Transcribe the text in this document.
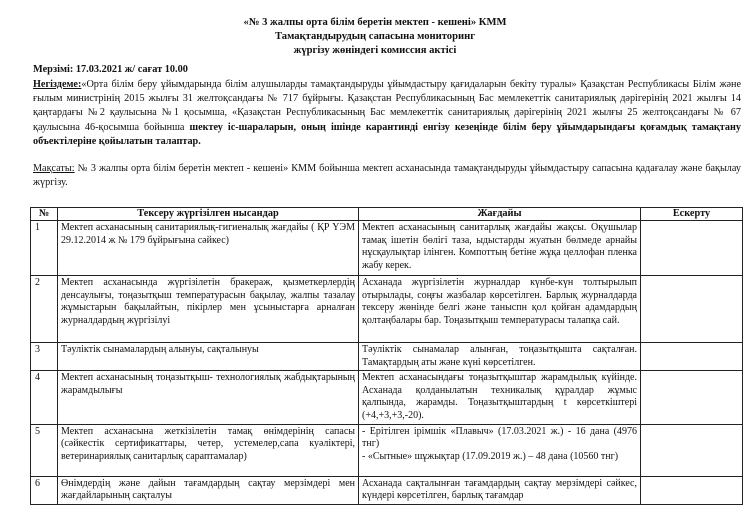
«№ 3 жалпы орта білім беретін мектеп - кешені» КММ
Тамақтандырудың сапасына мониторинг
жүргізу жөніндегі комиссия актісі
Мерзімі: 17.03.2021 ж/ сағат 10.00
Негіздеме:«Орта білім беру ұйымдарында білім алушыларды тамақтандыруды ұйымдастыру қағидаларын бекіту туралы» Қазақстан Республикасы Білім және ғылым министрінің 2015 жылғы 31 желтоқсандағы № 717 бұйрығы. Қазақстан Республикасының Бас мемлекеттік санитариялық дәрігерінің 2021 жылғы 14 қаңтардағы №2 қаулысына №1 қосымша, «Қазақстан Республикасының Бас мемлекеттік санитариялық дәрігерінің 2021 жылғы 25 желтоқсандағы № 67 қаулысына 46-қосымша бойынша шектеу іс-шараларын, оның ішінде карантинді енгізу кезеңінде білім беру ұйымдарындағы қоғамдық тамақтану объектілеріне қойылатын талаптар.
Мақсаты: № 3 жалпы орта білім беретін мектеп - кешені» КММ бойынша мектеп асханасында тамақтандыруды ұйымдастыру сапасына қадағалау және бақылау жүргізу.
№	Тексеру жүргізілген нысандар	Жағдайы	Ескерту
1	Мектеп асханасының санитариялық-гигиеналық жағдайы ( ҚР ҮЭМ 29.12.2014 ж № 179 бұйрығына сәйкес)	Мектеп асханасының санитарлық жағдайы жақсы. Оқушылар тамақ ішетін бөлігі таза, ыдыстарды жуатын бөлмеде арнайы нұсқаулықтар ілінген. Компоттың бетіне жұқа целлофан пленка жабу керек.	
2	Мектеп асханасында жүргізілетін бракераж, қызметкерлердің денсаулығы, тоңазытқыш температурасын бақылау, жалпы тазалау жұмыстарын бақылайтын, пікірлер мен ұсыныстарға арналған журналдардың жүргізілуі	Асханада жүргізілетін журналдар күнбе-күн толтырылып отырылады, соңғы жазбалар көрсетілген. Барлық журналдарда тексеру жөнінде белгі және таныспн қол қойған адамдардың қолтаңбалары бар. Тоңазытқыш температурасы талапқа сай.	
3	Тәуліктік сынамалардың алынуы, сақталынуы	Тәуліктік сынамалар алынған, тоңазытқышта сақталған. Тамақтардың аты және күні көрсетілген.	
4	Мектеп асханасының тоңазытқыш- технологиялық жабдықтарының жарамдылығы	Мектеп асханасындағы тоңазытқыштар жарамдылық күйінде. Асханада қолданылатын техникалық құралдар жұмыс қалпында, жарамды. Тоңазытқыштардың t көрсеткіштері (+4,+3,+3,-20).	
5	Мектеп асханасына жеткізілетін тамақ өнімдерінің сапасы (сәйкестік сертификаттары, четер, устемелер,сапа куәліктері, ветеринариялық санитарлық сараптамалар)	- Ерітілген ірімшік «Плавыч» (17.03.2021 ж.) - 16 дана (4976 тнг)
- «Сытные» шұжықтар (17.09.2019 ж.) – 48 дана (10560 тнг)	

6	Өнімдердің және дайын тағамдардың сақтау мерзімдері мен жағдайларының сақталуы	Асханада сақталынған тағамдардың сақтау мерзімдері сәйкес, күндері көрсетілген, барлық тағамдар	
